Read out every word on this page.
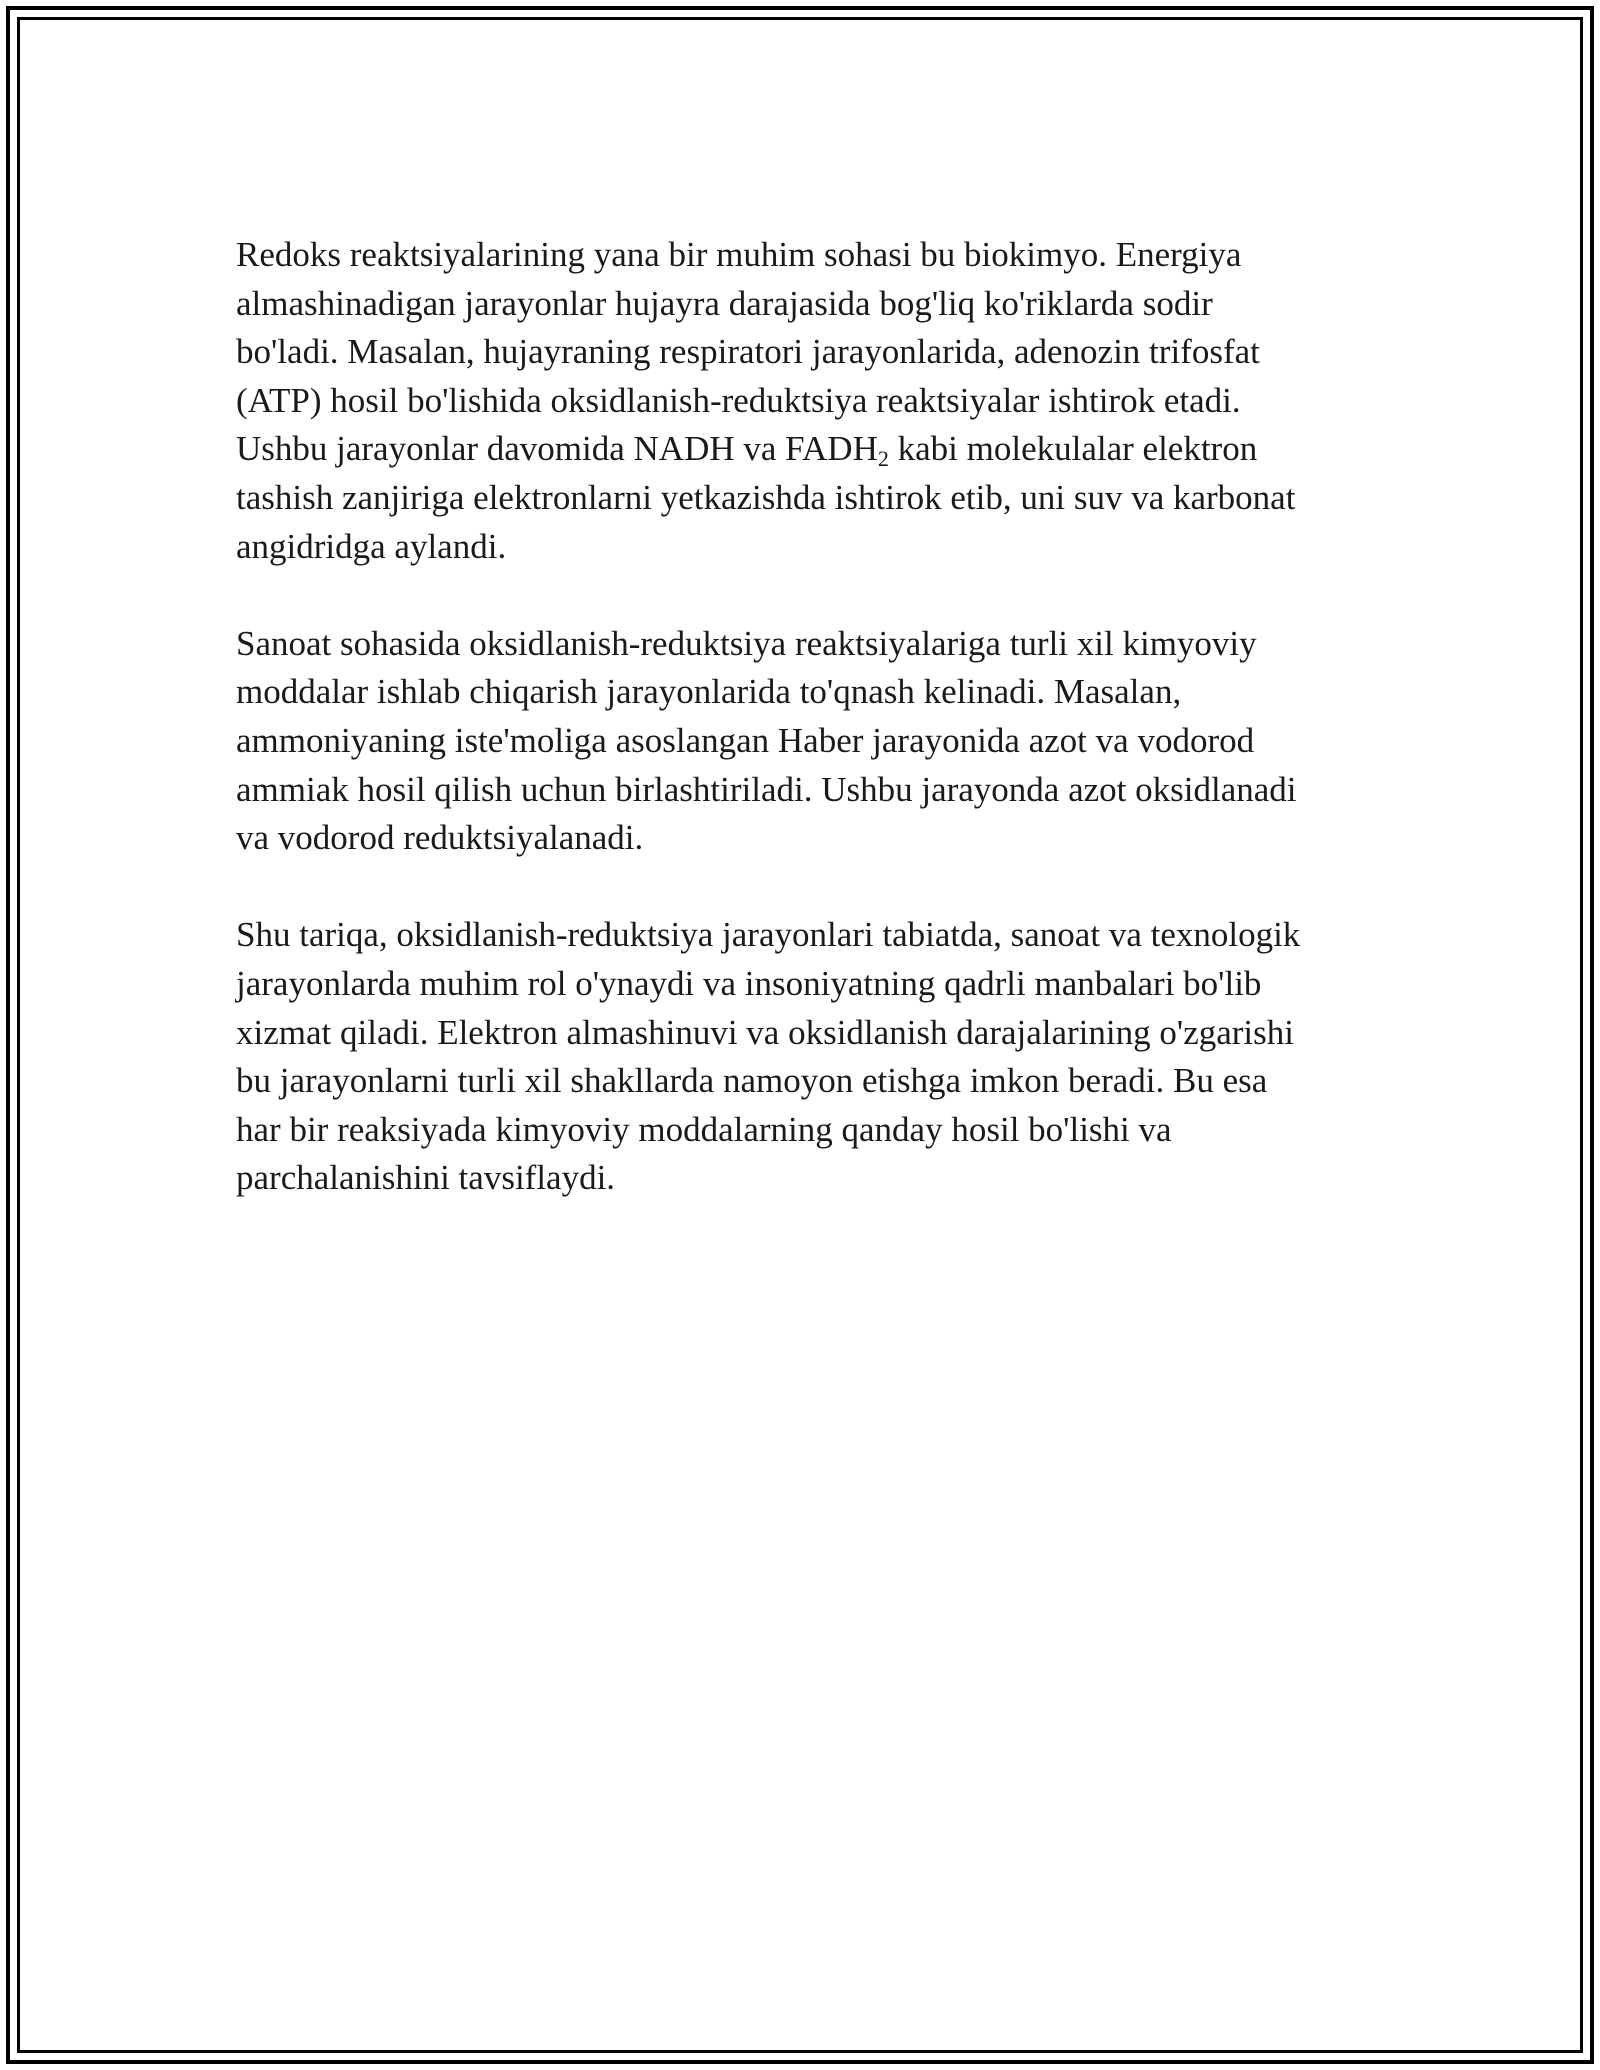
Redoks reaktsiyalarining yana bir muhim sohasi bu biokimyo. Energiya
almashinadigan jarayonlar hujayra darajasida bog'liq ko'riklarda sodir
bo'ladi. Masalan, hujayraning respiratori jarayonlarida, adenozin trifosfat
(ATP) hosil bo'lishida oksidlanish-reduktsiya reaktsiyalar ishtirok etadi.
Ushbu jarayonlar davomida NADH va $FADH_2$ kabi molekulalar elektron
tashish zanjiriga elektronlarni yetkazishda ishtirok etib, uni suv va karbonat
angidridga aylandi.

Sanoat sohasida oksidlanish-reduktsiya reaktsiyalariga turli xil kimyoviy
moddalar ishlab chiqarish jarayonlarida to'qnash kelinadi. Masalan,
ammoniyaning iste'moliga asoslangan Haber jarayonida azot va vodorod
ammiak hosil qilish uchun birlashtiriladi. Ushbu jarayonda azot oksidlanadi
va vodorod reduktsiyalanadi.

Shu tariqa, oksidlanish-reduktsiya jarayonlari tabiatda, sanoat va texnologik
jarayonlarda muhim rol o'ynaydi va insoniyatning qadrli manbalari bo'lib
xizmat qiladi. Elektron almashinuvi va oksidlanish darajalarining o'zgarishi
bu jarayonlarni turli xil shakllarda namoyon etishga imkon beradi. Bu esa
har bir reaksiyada kimyoviy moddalarning qanday hosil bo'lishi va
parchalanishini tavsiflaydi.
